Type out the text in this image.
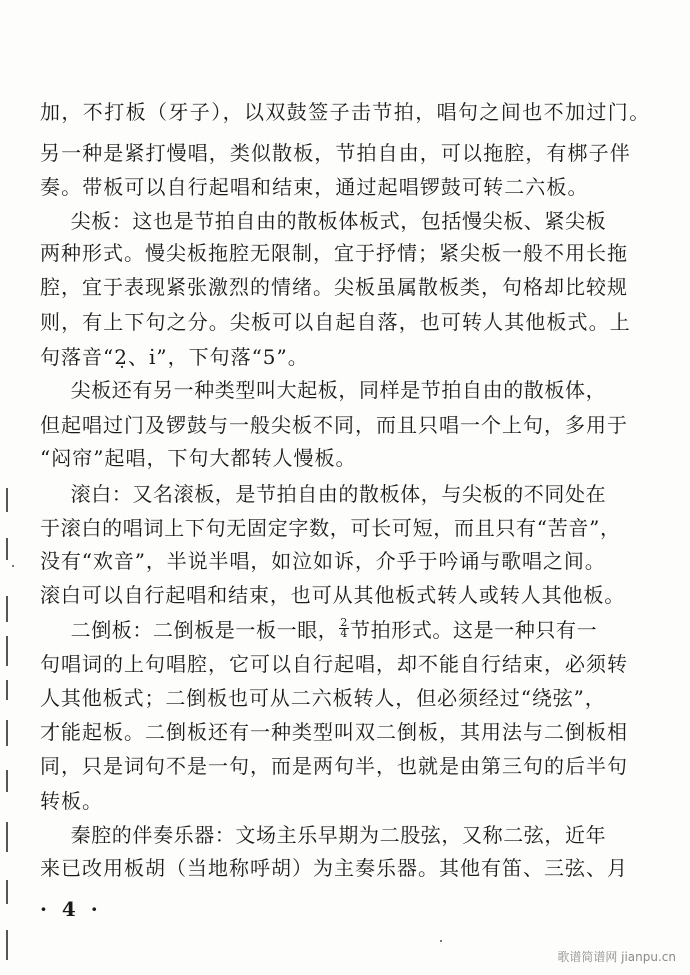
加，不打板（牙子），以双鼓签子击节拍，唱句之间也不加过门。
另一种是紧打慢唱，类似散板，节拍自由，可以拖腔，有梆子伴
奏。带板可以自行起唱和结束，通过起唱锣鼓可转二六板。
　尖板：这也是节拍自由的散板体板式，包括慢尖板、紧尖板
两种形式。慢尖板拖腔无限制，宜于抒情；紧尖板一般不用长拖
腔，宜于表现紧张激烈的情绪。尖板虽属散板类，句格却比较规
则，有上下句之分。尖板可以自起自落，也可转人其他板式。上
句落音“2̣、i̇”，下句落“5”。
　尖板还有另一种类型叫大起板，同样是节拍自由的散板体，
但起唱过门及锣鼓与一般尖板不同，而且只唱一个上句，多用于
“闷帘”起唱，下句大都转人慢板。
　滚白：又名滚板，是节拍自由的散板体，与尖板的不同处在
于滚白的唱词上下句无固定字数，可长可短，而且只有“苦音”，
没有“欢音”，半说半唱，如泣如诉，介乎于吟诵与歌唱之间。
滚白可以自行起唱和结束，也可从其他板式转人或转人其他板。
　二倒板：二倒板是一板一眼， $\frac{2}{4}$ 节拍形式。这是一种只有一
句唱词的上句唱腔，它可以自行起唱，却不能自行结束，必须转
人其他板式；二倒板也可从二六板转人，但必须经过“绕弦”，
才能起板。二倒板还有一种类型叫双二倒板，其用法与二倒板相
同，只是词句不是一句，而是两句半，也就是由第三句的后半句
转板。
　秦腔的伴奏乐器：文场主乐早期为二股弦，又称二弦，近年
来已改用板胡（当地称呼胡）为主奏乐器。其他有笛、三弦、月
· 4 ·
歌谱简谱网 jianpu.cn
